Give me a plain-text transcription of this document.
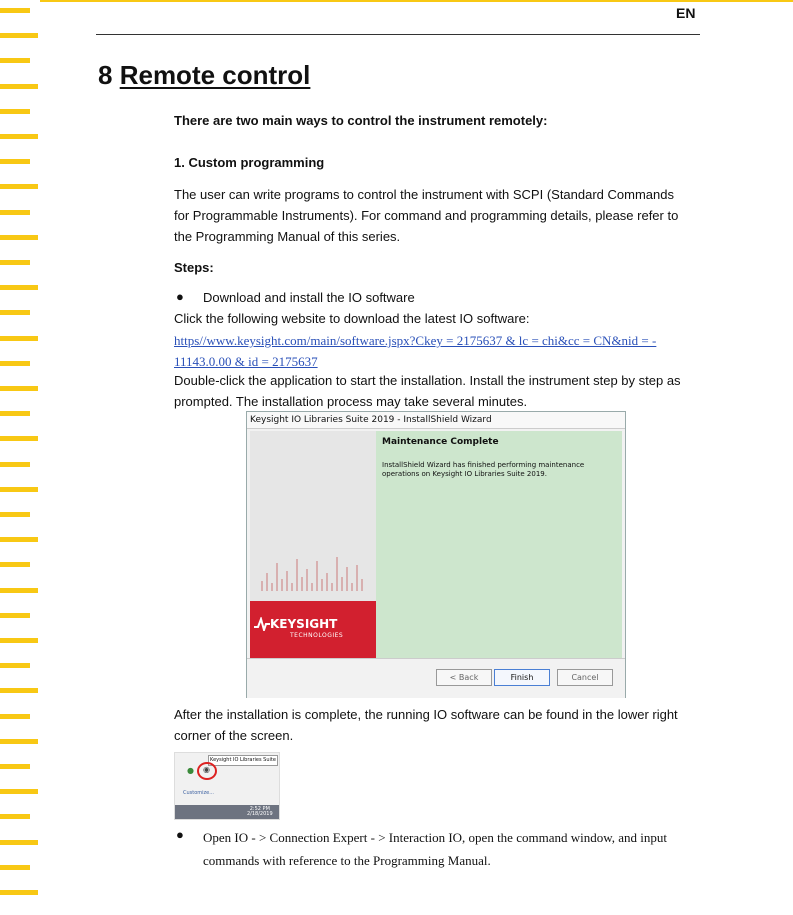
EN
8 Remote control
There are two main ways to control the instrument remotely:
1. Custom programming
The user can write programs to control the instrument with SCPI (Standard Commands
for Programmable Instruments). For command and programming details, please refer to
the Programming Manual of this series.
Steps:
● Download and install the IO software
Click the following website to download the latest IO software:
https//www.keysight.com/main/software.jspx?Ckey = 2175637 & lc = chi&cc = CN&nid = -
11143.0.00 & id = 2175637
Double-click the application to start the installation. Install the instrument step by step as
prompted. The installation process may take several minutes.
Keysight IO Libraries Suite 2019 - InstallShield Wizard
KEYSIGHT
TECHNOLOGIES
Maintenance Complete
InstallShield Wizard has finished performing maintenance operations on Keysight IO Libraries Suite 2019.
< Back	Finish	Cancel
After the installation is complete, the running IO software can be found in the lower right
corner of the screen.
Keysight IO Libraries Suite
● ◉
Customize...
2:52 PM
2/18/2019
● Open IO - > Connection Expert - > Interaction IO, open the command window, and input
commands with reference to the Programming Manual.
